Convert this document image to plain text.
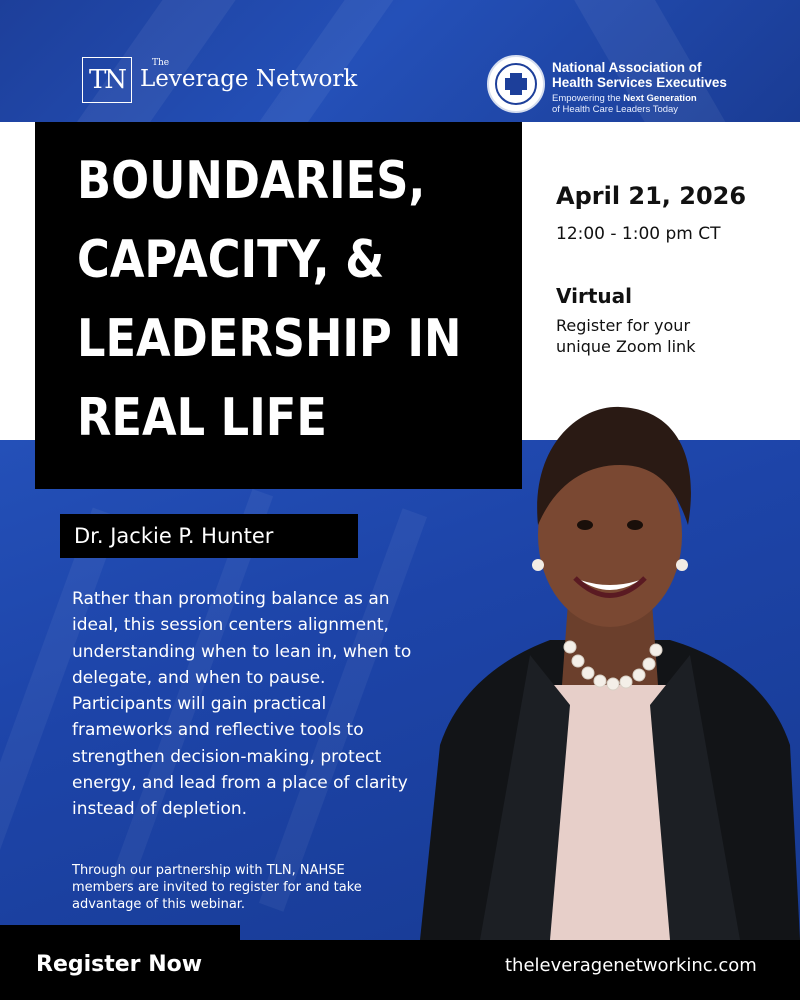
TN
The
Leverage Network	National Association of
Health Services Executives
Empowering the Next Generation
of Health Care Leaders Today
BOUNDARIES,
CAPACITY, &
LEADERSHIP IN
REAL LIFE
April 21, 2026
12:00 - 1:00 pm CT
Virtual
Register for your
unique Zoom link
Dr. Jackie P. Hunter
Rather than promoting balance as an
ideal, this session centers alignment,
understanding when to lean in, when to
delegate, and when to pause.
Participants will gain practical
frameworks and reflective tools to
strengthen decision-making, protect
energy, and lead from a place of clarity
instead of depletion.
Through our partnership with TLN, NAHSE
members are invited to register for and take
advantage of this webinar.
Register Now	theleveragenetworkinc.com
